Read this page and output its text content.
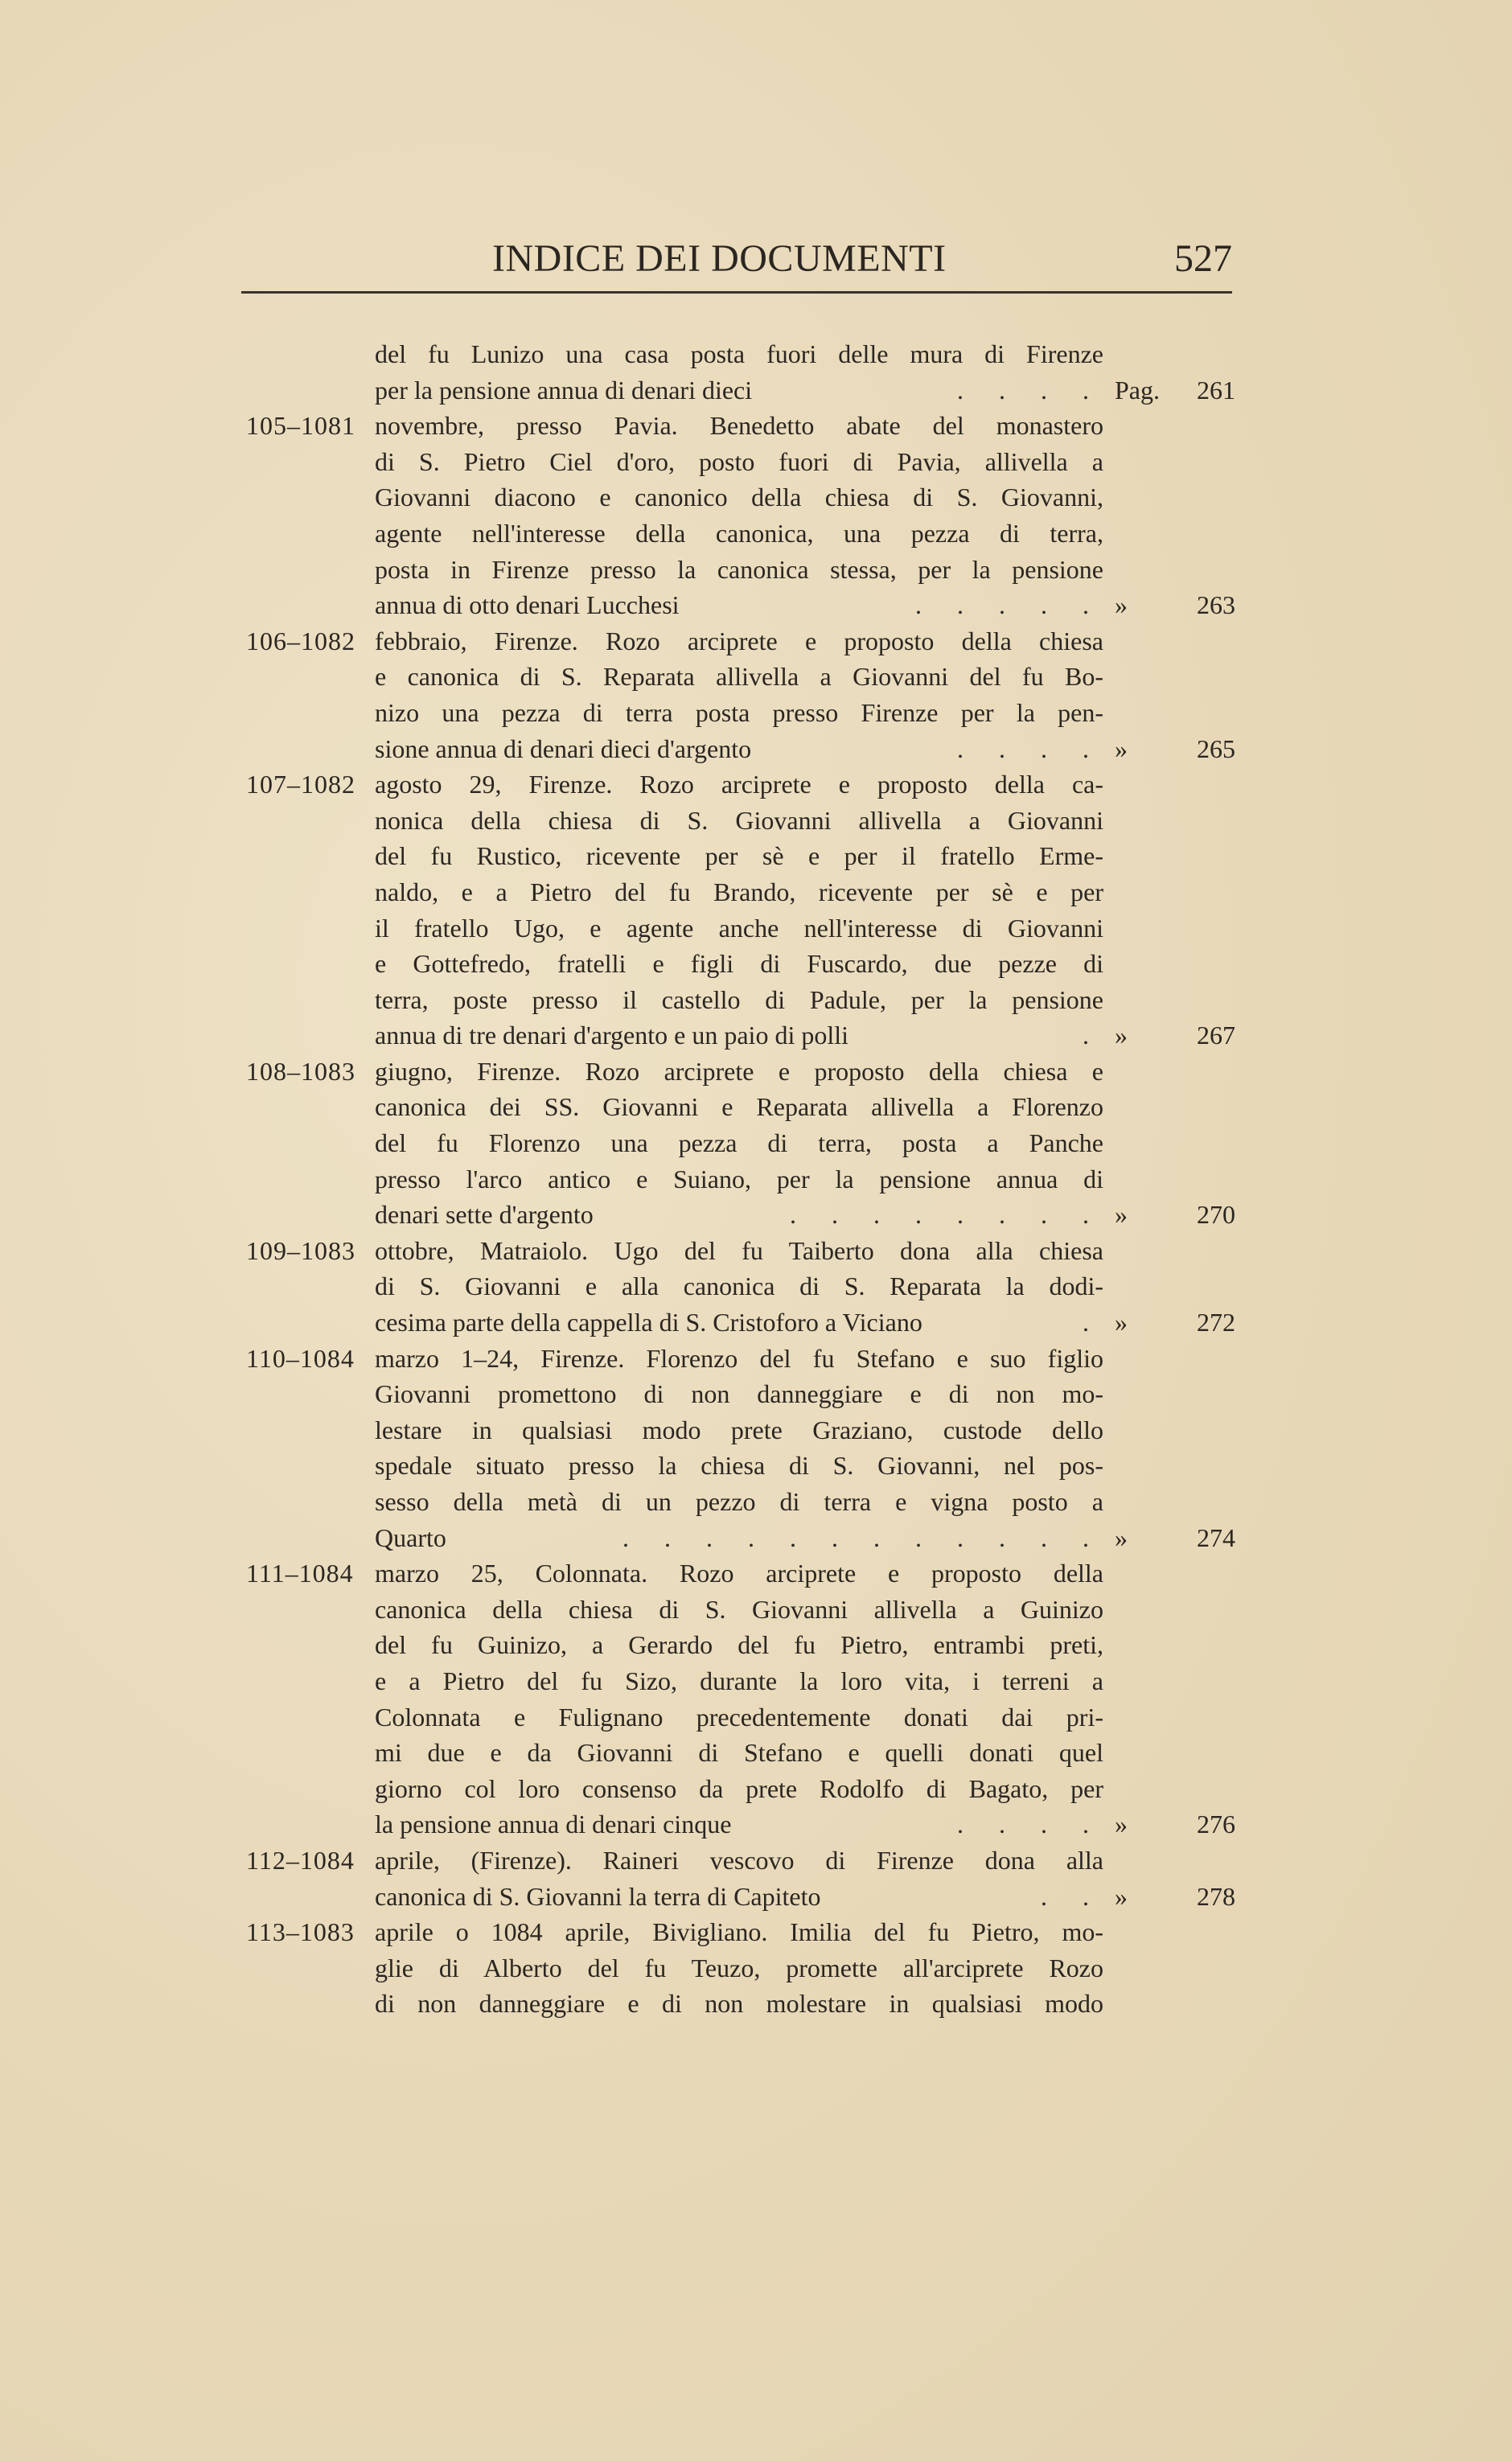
INDICE DEI DOCUMENTI	527
del fu Lunizo una casa posta fuori delle mura di Firenze
per la pensione annua di denari dieci	. . . . Pag. 261
105–1081 novembre, presso Pavia. Benedetto abate del monastero
di S. Pietro Ciel d'oro, posto fuori di Pavia, allivella a
Giovanni diacono e canonico della chiesa di S. Giovanni,
agente nell'interesse della canonica, una pezza di terra,
posta in Firenze presso la canonica stessa, per la pensione
annua di otto denari Lucchesi	. . . . . »	263
106–1082 febbraio, Firenze. Rozo arciprete e proposto della chiesa
e canonica di S. Reparata allivella a Giovanni del fu Bo-
nizo una pezza di terra posta presso Firenze per la pen-
sione annua di denari dieci d'argento	. . . . »	265
107–1082 agosto 29, Firenze. Rozo arciprete e proposto della ca-
nonica della chiesa di S. Giovanni allivella a Giovanni
del fu Rustico, ricevente per sè e per il fratello Erme-
naldo, e a Pietro del fu Brando, ricevente per sè e per
il fratello Ugo, e agente anche nell'interesse di Giovanni
e Gottefredo, fratelli e figli di Fuscardo, due pezze di
terra, poste presso il castello di Padule, per la pensione
annua di tre denari d'argento e un paio di polli	. »	267
108–1083 giugno, Firenze. Rozo arciprete e proposto della chiesa e
canonica dei SS. Giovanni e Reparata allivella a Florenzo
del fu Florenzo una pezza di terra, posta a Panche
presso l'arco antico e Suiano, per la pensione annua di
denari sette d'argento	. . . . . . . . »	270
109–1083 ottobre, Matraiolo. Ugo del fu Taiberto dona alla chiesa
di S. Giovanni e alla canonica di S. Reparata la dodi-
cesima parte della cappella di S. Cristoforo a Viciano	. »	272
110–1084 marzo 1–24, Firenze. Florenzo del fu Stefano e suo figlio
Giovanni promettono di non danneggiare e di non mo-
lestare in qualsiasi modo prete Graziano, custode dello
spedale situato presso la chiesa di S. Giovanni, nel pos-
sesso della metà di un pezzo di terra e vigna posto a
Quarto	. . . . . . . . . . . . »	274
111–1084 marzo 25, Colonnata. Rozo arciprete e proposto della
canonica della chiesa di S. Giovanni allivella a Guinizo
del fu Guinizo, a Gerardo del fu Pietro, entrambi preti,
e a Pietro del fu Sizo, durante la loro vita, i terreni a
Colonnata e Fulignano precedentemente donati dai pri-
mi due e da Giovanni di Stefano e quelli donati quel
giorno col loro consenso da prete Rodolfo di Bagato, per
la pensione annua di denari cinque	. . . . »	276
112–1084 aprile, (Firenze). Raineri vescovo di Firenze dona alla
canonica di S. Giovanni la terra di Capiteto	. . »	278
113–1083 aprile o 1084 aprile, Bivigliano. Imilia del fu Pietro, mo-
glie di Alberto del fu Teuzo, promette all'arciprete Rozo
di non danneggiare e di non molestare in qualsiasi modo
